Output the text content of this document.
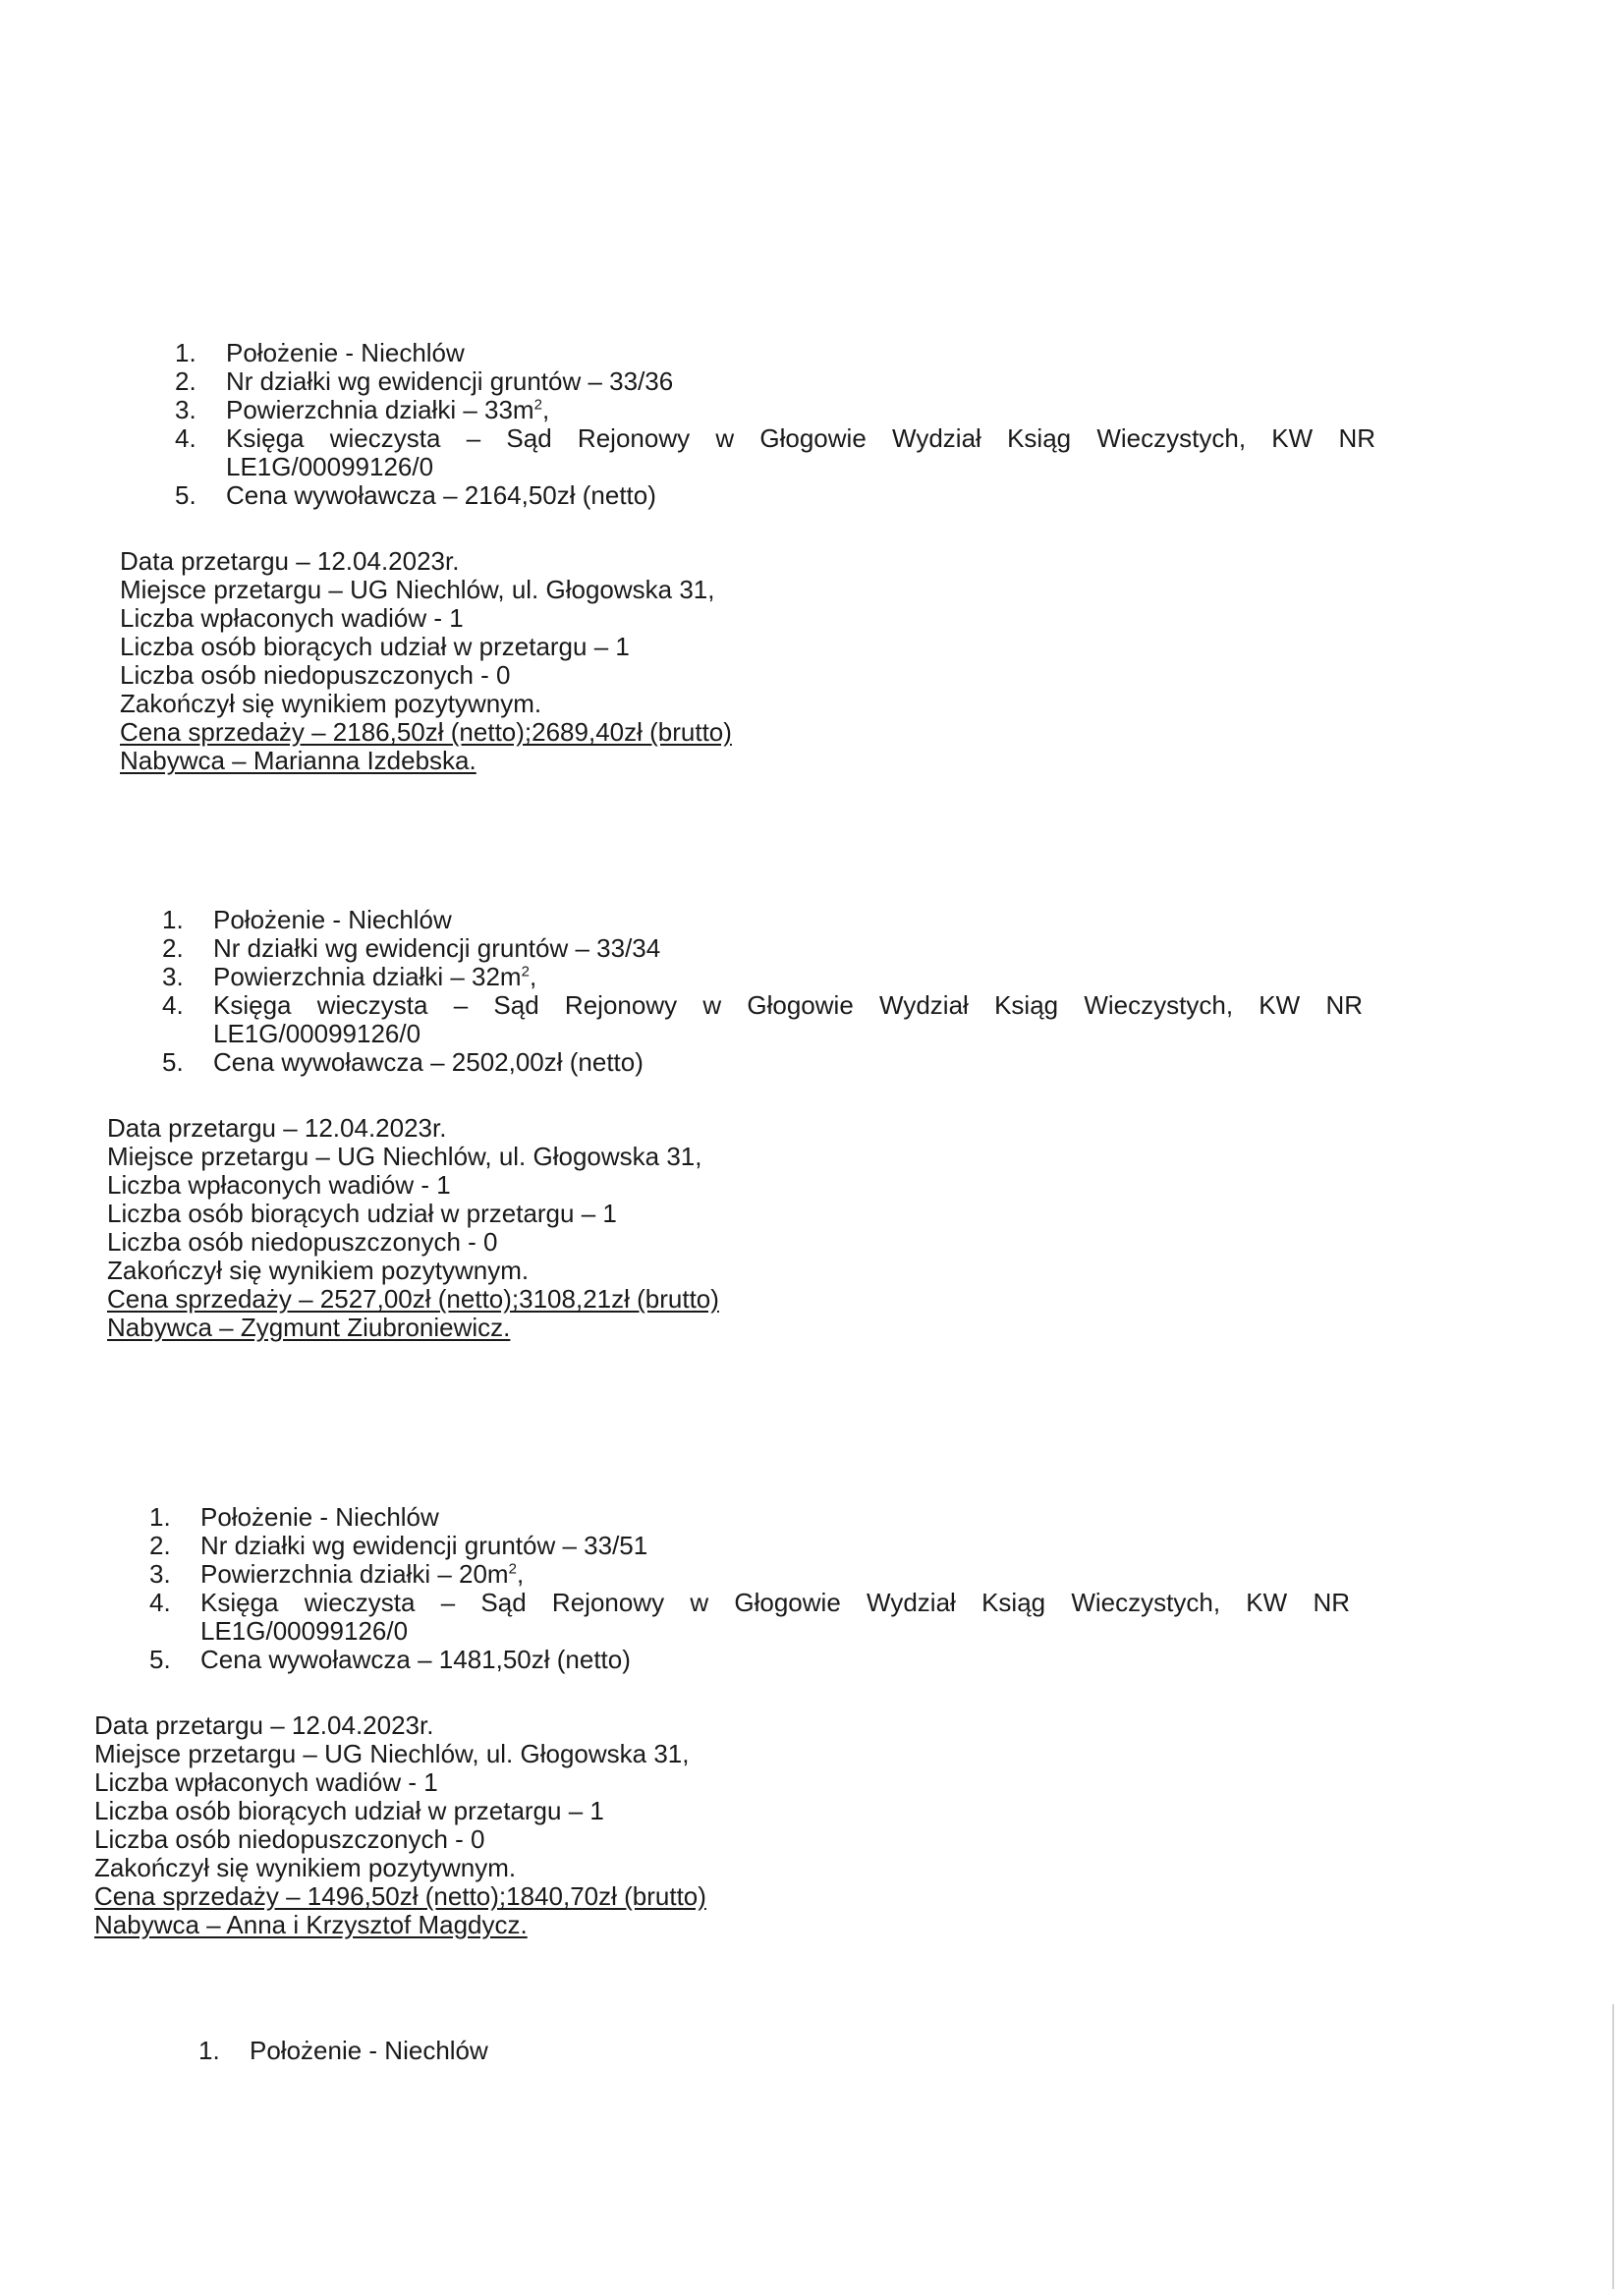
1.	Położenie - Niechlów
2.	Nr działki wg ewidencji gruntów – 33/36
3.	Powierzchnia działki – $33m^2$,
4.	Księga wieczysta – Sąd Rejonowy w Głogowie Wydział Ksiąg Wieczystych, KW NR
LE1G/00099126/0
5.	Cena wywoławcza – 2164,50zł (netto)
Data przetargu – 12.04.2023r.
Miejsce przetargu – UG Niechlów, ul. Głogowska 31,
Liczba wpłaconych wadiów - 1
Liczba osób biorących udział w przetargu – 1
Liczba osób niedopuszczonych - 0
Zakończył się wynikiem pozytywnym.
Cena sprzedaży – 2186,50zł (netto);2689,40zł (brutto)
Nabywca – Marianna Izdebska.
1.	Położenie - Niechlów
2.	Nr działki wg ewidencji gruntów – 33/34
3.	Powierzchnia działki – $32m^2$,
4.	Księga wieczysta – Sąd Rejonowy w Głogowie Wydział Ksiąg Wieczystych, KW NR
LE1G/00099126/0
5.	Cena wywoławcza – 2502,00zł (netto)
Data przetargu – 12.04.2023r.
Miejsce przetargu – UG Niechlów, ul. Głogowska 31,
Liczba wpłaconych wadiów - 1
Liczba osób biorących udział w przetargu – 1
Liczba osób niedopuszczonych - 0
Zakończył się wynikiem pozytywnym.
Cena sprzedaży – 2527,00zł (netto);3108,21zł (brutto)
Nabywca – Zygmunt Ziubroniewicz.
1.	Położenie - Niechlów
2.	Nr działki wg ewidencji gruntów – 33/51
3.	Powierzchnia działki – $20m^2$,
4.	Księga wieczysta – Sąd Rejonowy w Głogowie Wydział Ksiąg Wieczystych, KW NR
LE1G/00099126/0
5.	Cena wywoławcza – 1481,50zł (netto)
Data przetargu – 12.04.2023r.
Miejsce przetargu – UG Niechlów, ul. Głogowska 31,
Liczba wpłaconych wadiów - 1
Liczba osób biorących udział w przetargu – 1
Liczba osób niedopuszczonych - 0
Zakończył się wynikiem pozytywnym.
Cena sprzedaży – 1496,50zł (netto);1840,70zł (brutto)
Nabywca – Anna i Krzysztof Magdycz.
1.	Położenie - Niechlów
